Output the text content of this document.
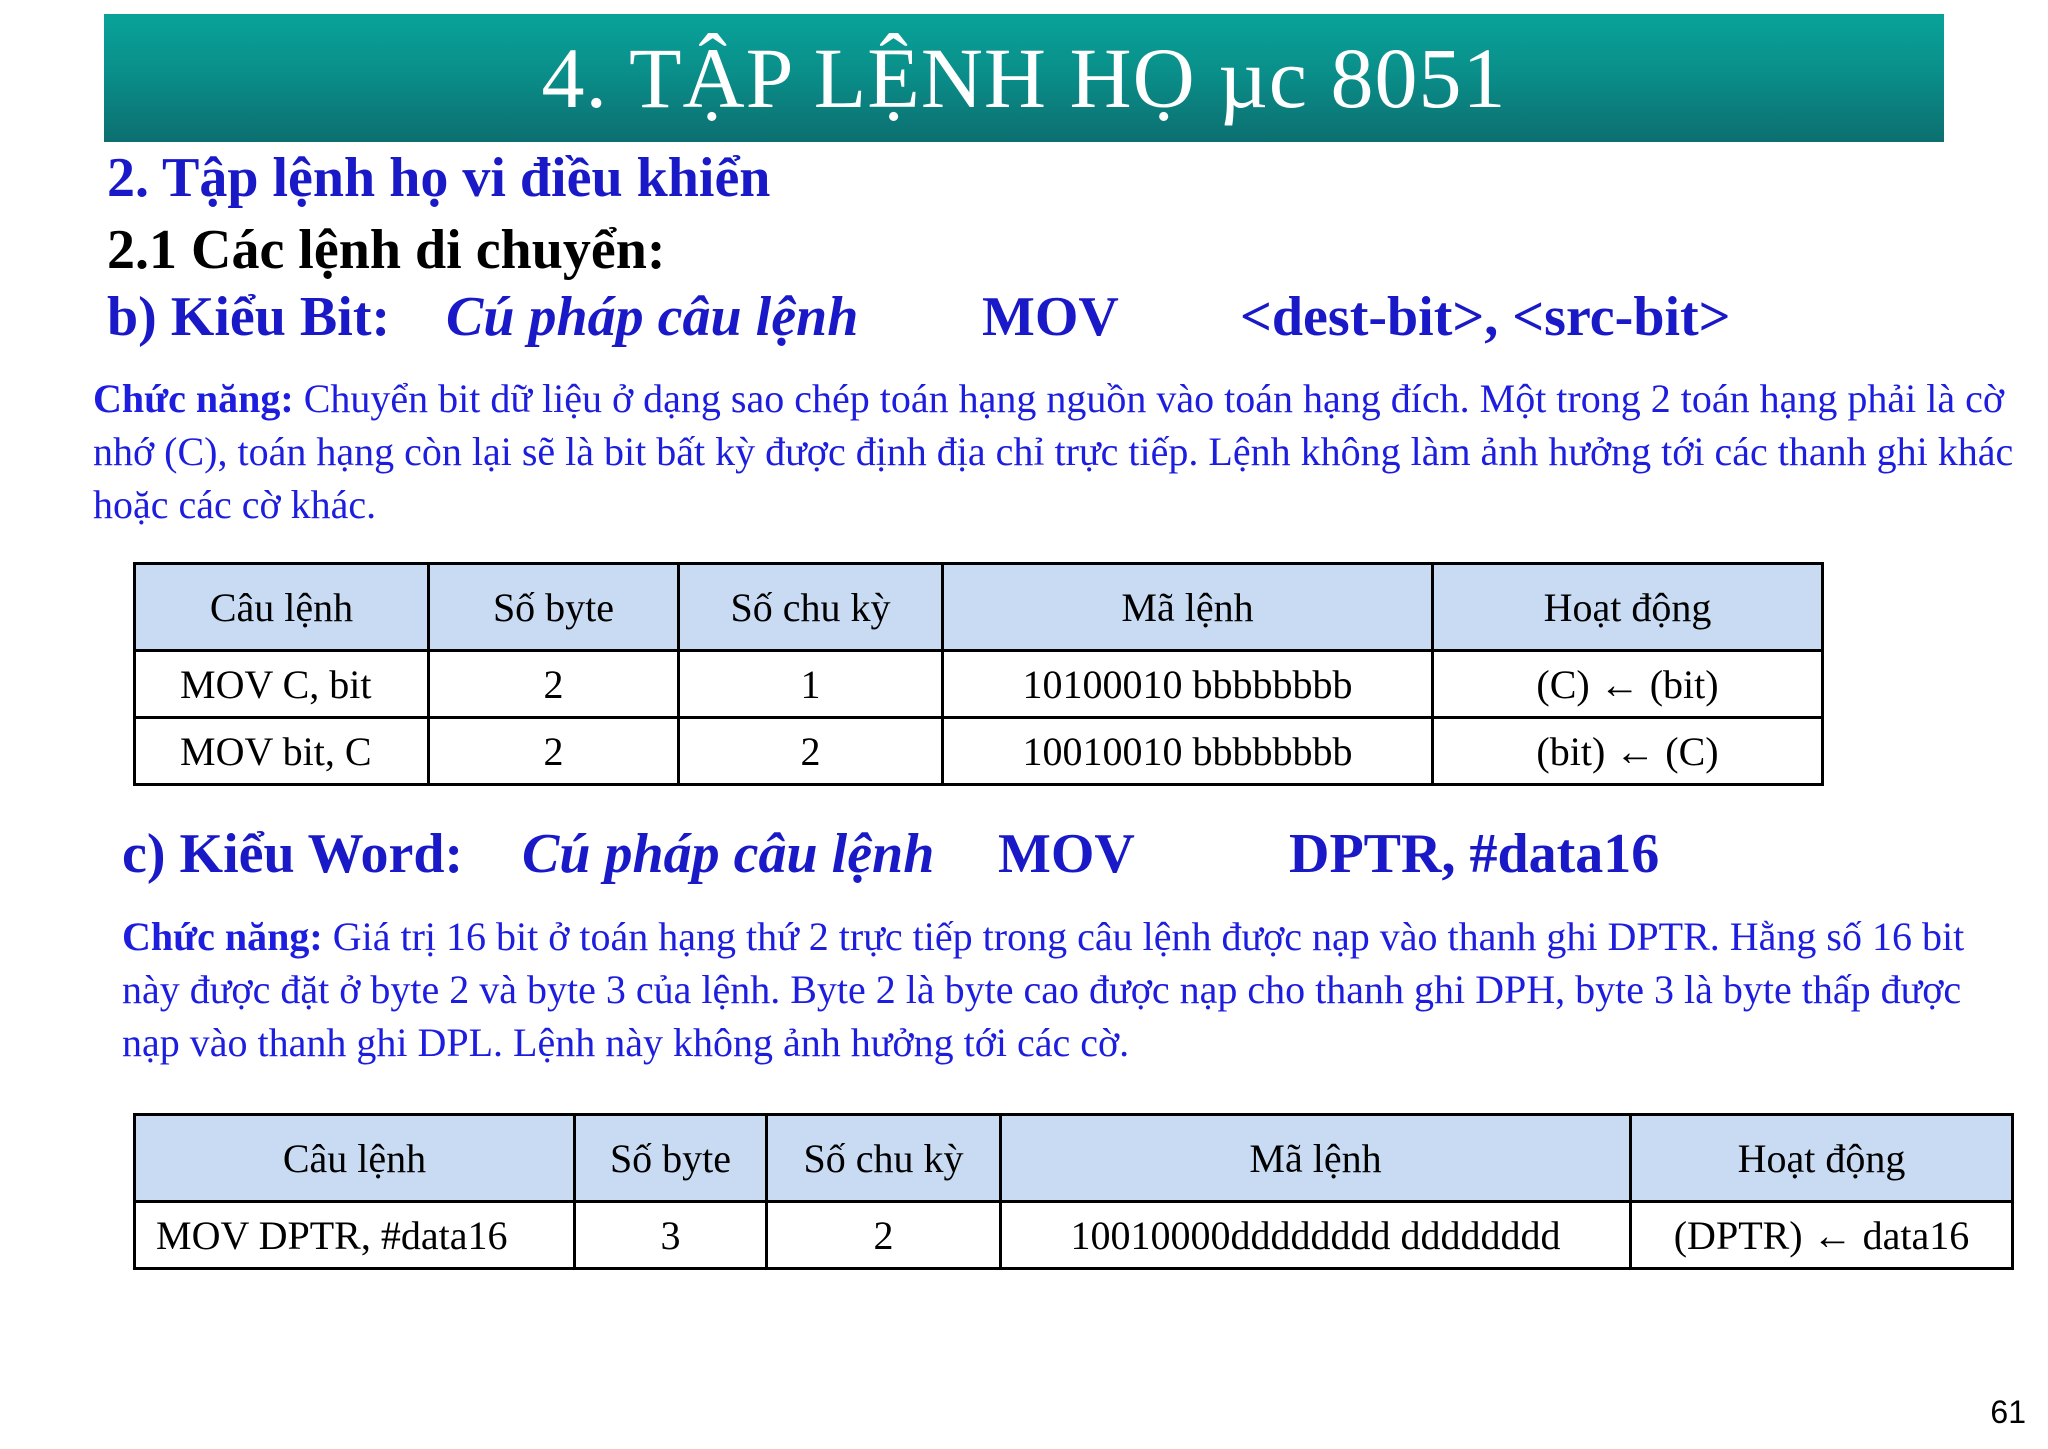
4. TẬP LỆNH HỌ µc 8051
2. Tập lệnh họ vi điều khiển
2.1 Các lệnh di chuyển:
b) Kiểu Bit: Cú pháp câu lệnh MOV <dest-bit>, <src-bit>
Chức năng: Chuyển bit dữ liệu ở dạng sao chép toán hạng nguồn vào toán hạng đích. Một trong 2 toán hạng phải là cờ nhớ (C), toán hạng còn lại sẽ là bit bất kỳ được định địa chỉ trực tiếp. Lệnh không làm ảnh hưởng tới các thanh ghi khác hoặc các cờ khác.
Câu lệnh	Số byte	Số chu kỳ	Mã lệnh	Hoạt động
MOV C, bit	2	1	10100010 bbbbbbbb	(C) ← (bit)
MOV bit, C	2	2	10010010 bbbbbbbb	(bit) ← (C)
c) Kiểu Word: Cú pháp câu lệnh MOV	DPTR, #data16
Chức năng: Giá trị 16 bit ở toán hạng thứ 2 trực tiếp trong câu lệnh được nạp vào thanh ghi DPTR. Hằng số 16 bit này được đặt ở byte 2 và byte 3 của lệnh. Byte 2 là byte cao được nạp cho thanh ghi DPH, byte 3 là byte thấp được nạp vào thanh ghi DPL. Lệnh này không ảnh hưởng tới các cờ.
Câu lệnh	Số byte	Số chu kỳ	Mã lệnh	Hoạt động
MOV DPTR, #data16	3	2	10010000dddddddd dddddddd	(DPTR) ← data16
61
